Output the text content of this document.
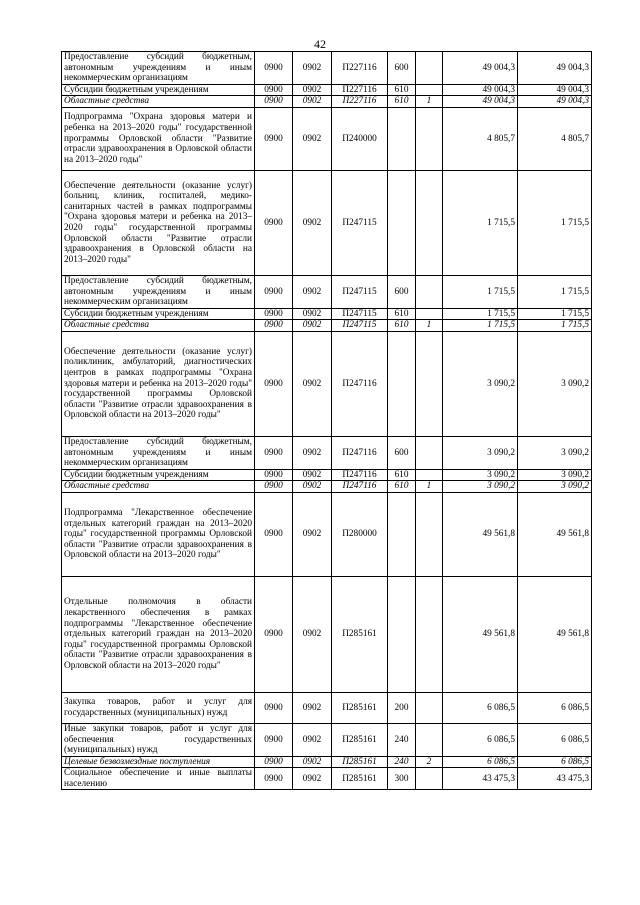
42
Предоставление субсидий бюджетным, автономным учреждениям и иным некоммерческим организациям	0900	0902	П227116	600		49 004,3	49 004,3
Субсидии бюджетным учреждениям	0900	0902	П227116	610		49 004,3	49 004,3
Областные средства	0900	0902	П227116	610	1	49 004,3	49 004,3
Подпрограмма "Охрана здоровья матери и ребенка на 2013–2020 годы" государственной программы Орловской области "Развитие отрасли здравоохранения в Орловской области на 2013–2020 годы"	0900	0902	П240000			4 805,7	4 805,7
Обеспечение деятельности (оказание услуг) больниц, клиник, госпиталей, медико-санитарных частей в рамках подпрограммы "Охрана здоровья матери и ребенка на 2013–2020 годы" государственной программы Орловской области "Развитие отрасли здравоохранения в Орловской области на 2013–2020 годы"	0900	0902	П247115			1 715,5	1 715,5
Предоставление субсидий бюджетным, автономным учреждениям и иным некоммерческим организациям	0900	0902	П247115	600		1 715,5	1 715,5
Субсидии бюджетным учреждениям	0900	0902	П247115	610		1 715,5	1 715,5
Областные средства	0900	0902	П247115	610	1	1 715,5	1 715,5
Обеспечение деятельности (оказание услуг) поликлиник, амбулаторий, диагностических центров в рамках подпрограммы "Охрана здоровья матери и ребенка на 2013–2020 годы" государственной программы Орловской области "Развитие отрасли здравоохранения в Орловской области на 2013–2020 годы"	0900	0902	П247116			3 090,2	3 090,2
Предоставление субсидий бюджетным, автономным учреждениям и иным некоммерческим организациям	0900	0902	П247116	600		3 090,2	3 090,2
Субсидии бюджетным учреждениям	0900	0902	П247116	610		3 090,2	3 090,2
Областные средства	0900	0902	П247116	610	1	3 090,2	3 090,2
Подпрограмма "Лекарственное обеспечение отдельных категорий граждан на 2013–2020 годы" государственной программы Орловской области "Развитие отрасли здравоохранения в Орловской области на 2013–2020 годы"	0900	0902	П280000			49 561,8	49 561,8
Отдельные полномочия в области лекарственного обеспечения в рамках подпрограммы "Лекарственное обеспечение отдельных категорий граждан на 2013–2020 годы" государственной программы Орловской области "Развитие отрасли здравоохранения в Орловской области на 2013–2020 годы"	0900	0902	П285161			49 561,8	49 561,8
Закупка товаров, работ и услуг для государственных (муниципальных) нужд	0900	0902	П285161	200		6 086,5	6 086,5
Иные закупки товаров, работ и услуг для обеспечения государственных (муниципальных) нужд	0900	0902	П285161	240		6 086,5	6 086,5
Целевые безвозмездные поступления	0900	0902	П285161	240	2	6 086,5	6 086,5
Социальное обеспечение и иные выплаты населению	0900	0902	П285161	300		43 475,3	43 475,3
